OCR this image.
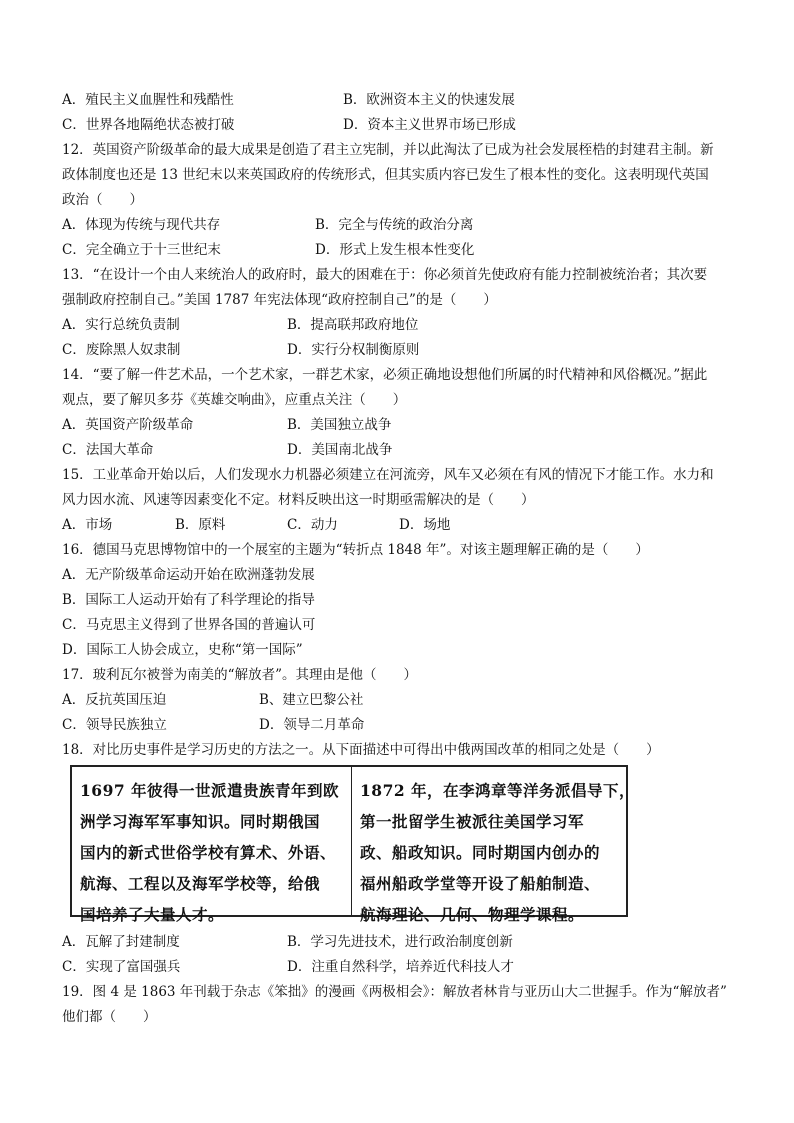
A．殖民主义血腥性和残酷性	B．欧洲资本主义的快速发展
C．世界各地隔绝状态被打破	D．资本主义世界市场已形成
12．英国资产阶级革命的最大成果是创造了君主立宪制，并以此淘汰了已成为社会发展桎梏的封建君主制。新
政体制度也还是 13 世纪末以来英国政府的传统形式，但其实质内容已发生了根本性的变化。这表明现代英国
政治（　　）
A．体现为传统与现代共存	B．完全与传统的政治分离
C．完全确立于十三世纪末	D．形式上发生根本性变化
13．“在设计一个由人来统治人的政府时，最大的困难在于：你必须首先使政府有能力控制被统治者；其次要
强制政府控制自己。”美国 1787 年宪法体现“政府控制自己”的是（　　）
A．实行总统负责制	B．提高联邦政府地位
C．废除黑人奴隶制	D．实行分权制衡原则
14．“要了解一件艺术品，一个艺术家，一群艺术家，必须正确地设想他们所属的时代精神和风俗概况。”据此
观点，要了解贝多芬《英雄交响曲》，应重点关注（　　）
A．英国资产阶级革命	B．美国独立战争
C．法国大革命	D．美国南北战争
15．工业革命开始以后，人们发现水力机器必须建立在河流旁，风车又必须在有风的情况下才能工作。水力和
风力因水流、风速等因素变化不定。材料反映出这一时期亟需解决的是（　　）
A．市场	B．原料	C．动力	D．场地
16．德国马克思博物馆中的一个展室的主题为“转折点 1848 年”。对该主题理解正确的是（　　）
A．无产阶级革命运动开始在欧洲蓬勃发展
B．国际工人运动开始有了科学理论的指导
C．马克思主义得到了世界各国的普遍认可
D．国际工人协会成立，史称“第一国际”
17．玻利瓦尔被誉为南美的“解放者”。其理由是他（　　）
A．反抗英国压迫	B、建立巴黎公社
C．领导民族独立	D．领导二月革命
18．对比历史事件是学习历史的方法之一。从下面描述中可得出中俄两国改革的相同之处是（　　）
1697 年彼得一世派遣贵族青年到欧
洲学习海军军事知识。同时期俄国
国内的新式世俗学校有算术、外语、
航海、工程以及海军学校等，给俄
国培养了大量人才。
1872 年，在李鸿章等洋务派倡导下，
第一批留学生被派往美国学习军
政、船政知识。同时期国内创办的
福州船政学堂等开设了船舶制造、
航海理论、几何、物理学课程。
A．瓦解了封建制度	B．学习先进技术，进行政治制度创新
C．实现了富国强兵	D．注重自然科学，培养近代科技人才
19．图 4 是 1863 年刊载于杂志《笨拙》的漫画《两极相会》：解放者林肯与亚历山大二世握手。作为“解放者”
他们都（　　）
